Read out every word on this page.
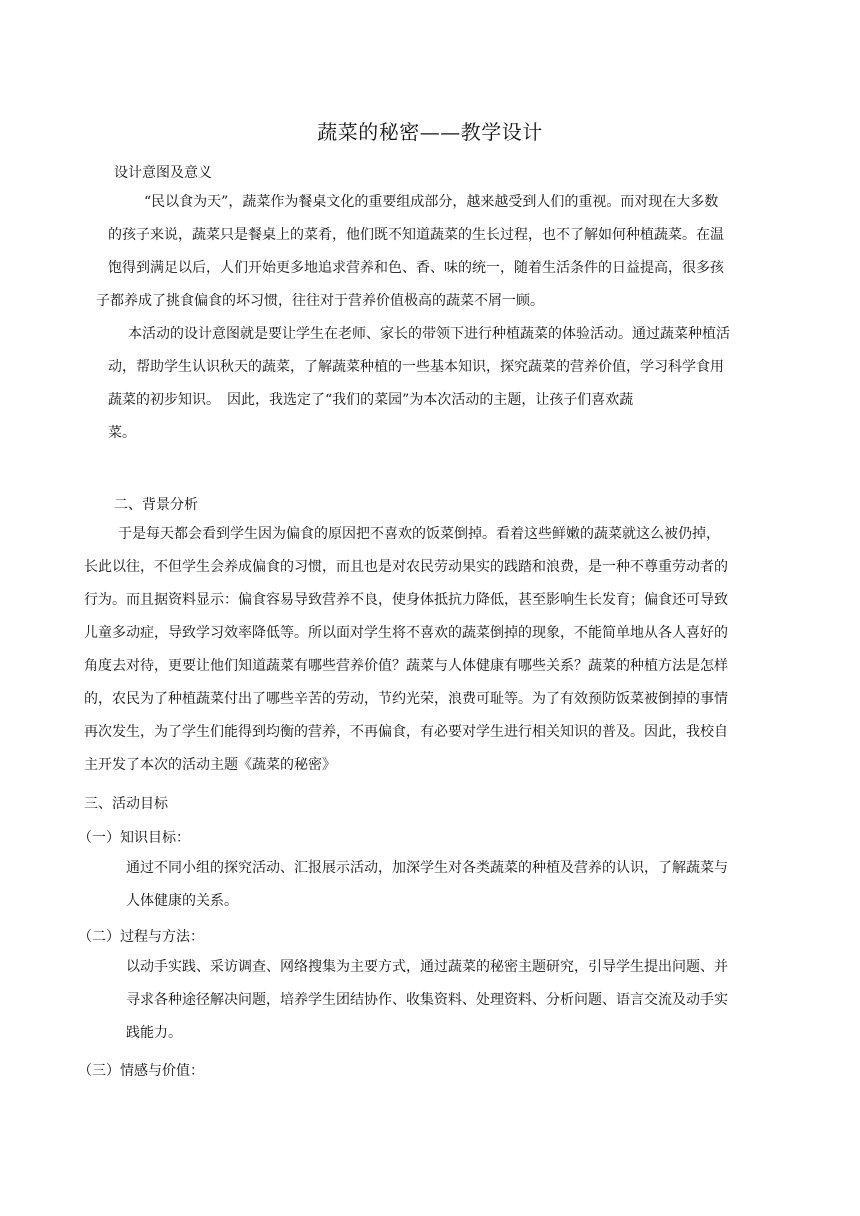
蔬菜的秘密——教学设计
设计意图及意义
“民以食为天”，蔬菜作为餐桌文化的重要组成部分，越来越受到人们的重视。而对现在大多数
的孩子来说，蔬菜只是餐桌上的菜肴，他们既不知道蔬菜的生长过程，也不了解如何种植蔬菜。在温
饱得到满足以后，人们开始更多地追求营养和色、香、味的统一，随着生活条件的日益提高，很多孩
子都养成了挑食偏食的坏习惯，往往对于营养价值极高的蔬菜不屑一顾。
本活动的设计意图就是要让学生在老师、家长的带领下进行种植蔬菜的体验活动。通过蔬菜种植活
动，帮助学生认识秋天的蔬菜，了解蔬菜种植的一些基本知识，探究蔬菜的营养价值，学习科学食用
蔬菜的初步知识。　因此，我选定了“我们的菜园”为本次活动的主题，让孩子们喜欢蔬
菜。
二、背景分析
于是每天都会看到学生因为偏食的原因把不喜欢的饭菜倒掉。看着这些鲜嫩的蔬菜就这么被仍掉，
长此以往，不但学生会养成偏食的习惯，而且也是对农民劳动果实的践踏和浪费，是一种不尊重劳动者的
行为。而且据资料显示：偏食容易导致营养不良，使身体抵抗力降低，甚至影响生长发育；偏食还可导致
儿童多动症，导致学习效率降低等。所以面对学生将不喜欢的蔬菜倒掉的现象，不能简单地从各人喜好的
角度去对待，更要让他们知道蔬菜有哪些营养价值？蔬菜与人体健康有哪些关系？蔬菜的种植方法是怎样
的，农民为了种植蔬菜付出了哪些辛苦的劳动，节约光荣，浪费可耻等。为了有效预防饭菜被倒掉的事情
再次发生，为了学生们能得到均衡的营养，不再偏食，有必要对学生进行相关知识的普及。因此，我校自
主开发了本次的活动主题《蔬菜的秘密》
三、活动目标
（一）知识目标：
通过不同小组的探究活动、汇报展示活动，加深学生对各类蔬菜的种植及营养的认识，了解蔬菜与
人体健康的关系。
（二）过程与方法：
以动手实践、采访调查、网络搜集为主要方式，通过蔬菜的秘密主题研究，引导学生提出问题、并
寻求各种途径解决问题，培养学生团结协作、收集资料、处理资料、分析问题、语言交流及动手实
践能力。
（三）情感与价值：
